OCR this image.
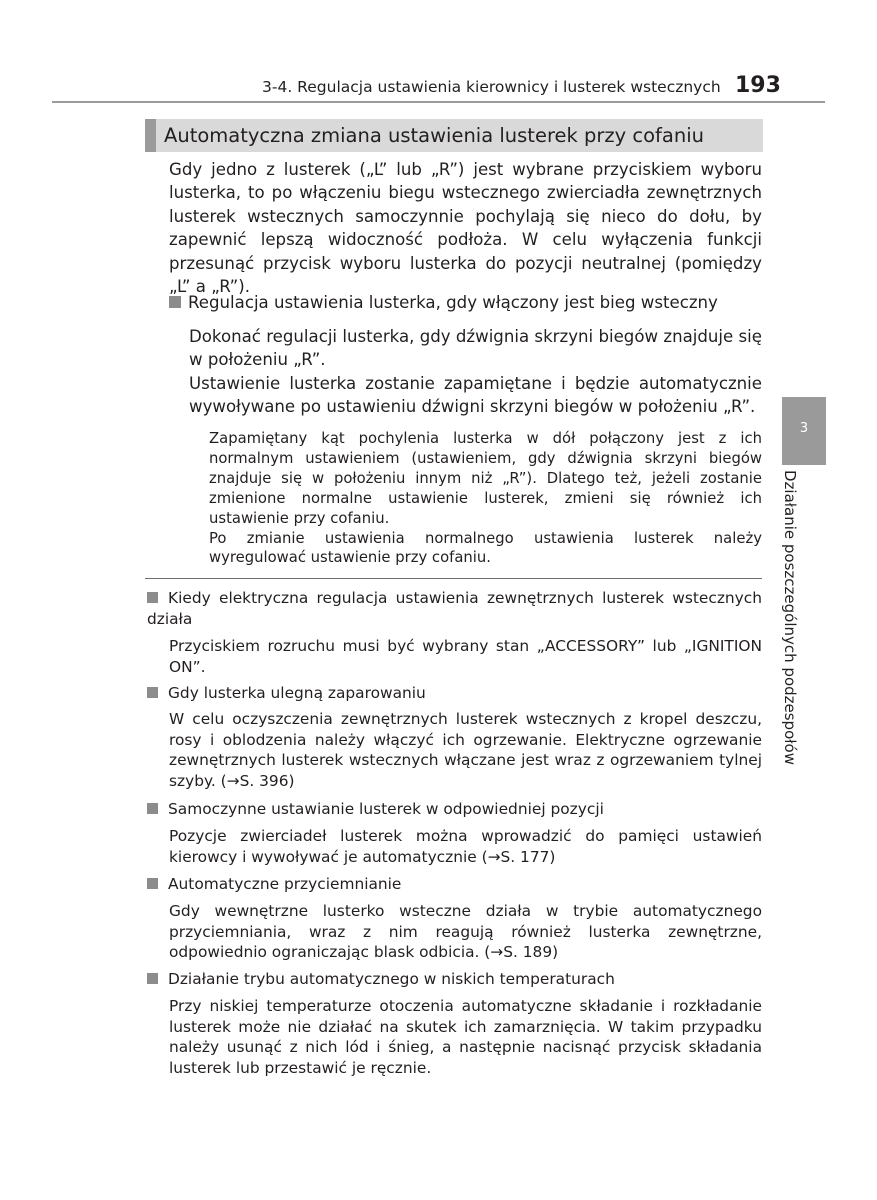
3-4. Regulacja ustawienia kierownicy i lusterek wstecznych 193
Automatyczna zmiana ustawienia lusterek przy cofaniu
Gdy jedno z lusterek („L” lub „R”) jest wybrane przyciskiem wyboru lusterka, to po włączeniu biegu wstecznego zwierciadła zewnętrznych lusterek wstecznych samoczynnie pochylają się nieco do dołu, by zapewnić lepszą widoczność podłoża. W celu wyłączenia funkcji przesunąć przycisk wyboru lusterka do pozycji neutralnej (pomiędzy „L” a „R”).
Regulacja ustawienia lusterka, gdy włączony jest bieg wsteczny
Dokonać regulacji lusterka, gdy dźwignia skrzyni biegów znajduje się w położeniu „R”.
Ustawienie lusterka zostanie zapamiętane i będzie automatycznie wywoływane po ustawieniu dźwigni skrzyni biegów w położeniu „R”.
Zapamiętany kąt pochylenia lusterka w dół połączony jest z ich normalnym ustawieniem (ustawieniem, gdy dźwignia skrzyni biegów znajduje się w położeniu innym niż „R”). Dlatego też, jeżeli zostanie zmienione normalne ustawienie lusterek, zmieni się również ich ustawienie przy cofaniu.
Po zmianie ustawienia normalnego ustawienia lusterek należy wyregulować ustawienie przy cofaniu.
Kiedy elektryczna regulacja ustawienia zewnętrznych lusterek wstecznych działa
Przyciskiem rozruchu musi być wybrany stan „ACCESSORY” lub „IGNITION ON”.
Gdy lusterka ulegną zaparowaniu
W celu oczyszczenia zewnętrznych lusterek wstecznych z kropel deszczu, rosy i oblodzenia należy włączyć ich ogrzewanie. Elektryczne ogrzewanie zewnętrznych lusterek wstecznych włączane jest wraz z ogrzewaniem tylnej szyby. (→S. 396)
Samoczynne ustawianie lusterek w odpowiedniej pozycji
Pozycje zwierciadeł lusterek można wprowadzić do pamięci ustawień kierowcy i wywoływać je automatycznie (→S. 177)
Automatyczne przyciemnianie
Gdy wewnętrzne lusterko wsteczne działa w trybie automatycznego przyciemniania, wraz z nim reagują również lusterka zewnętrzne, odpowiednio ograniczając blask odbicia. (→S. 189)
Działanie trybu automatycznego w niskich temperaturach
Przy niskiej temperaturze otoczenia automatyczne składanie i rozkładanie lusterek może nie działać na skutek ich zamarznięcia. W takim przypadku należy usunąć z nich lód i śnieg, a następnie nacisnąć przycisk składania lusterek lub przestawić je ręcznie.
3
Działanie poszczególnych podzespołów
